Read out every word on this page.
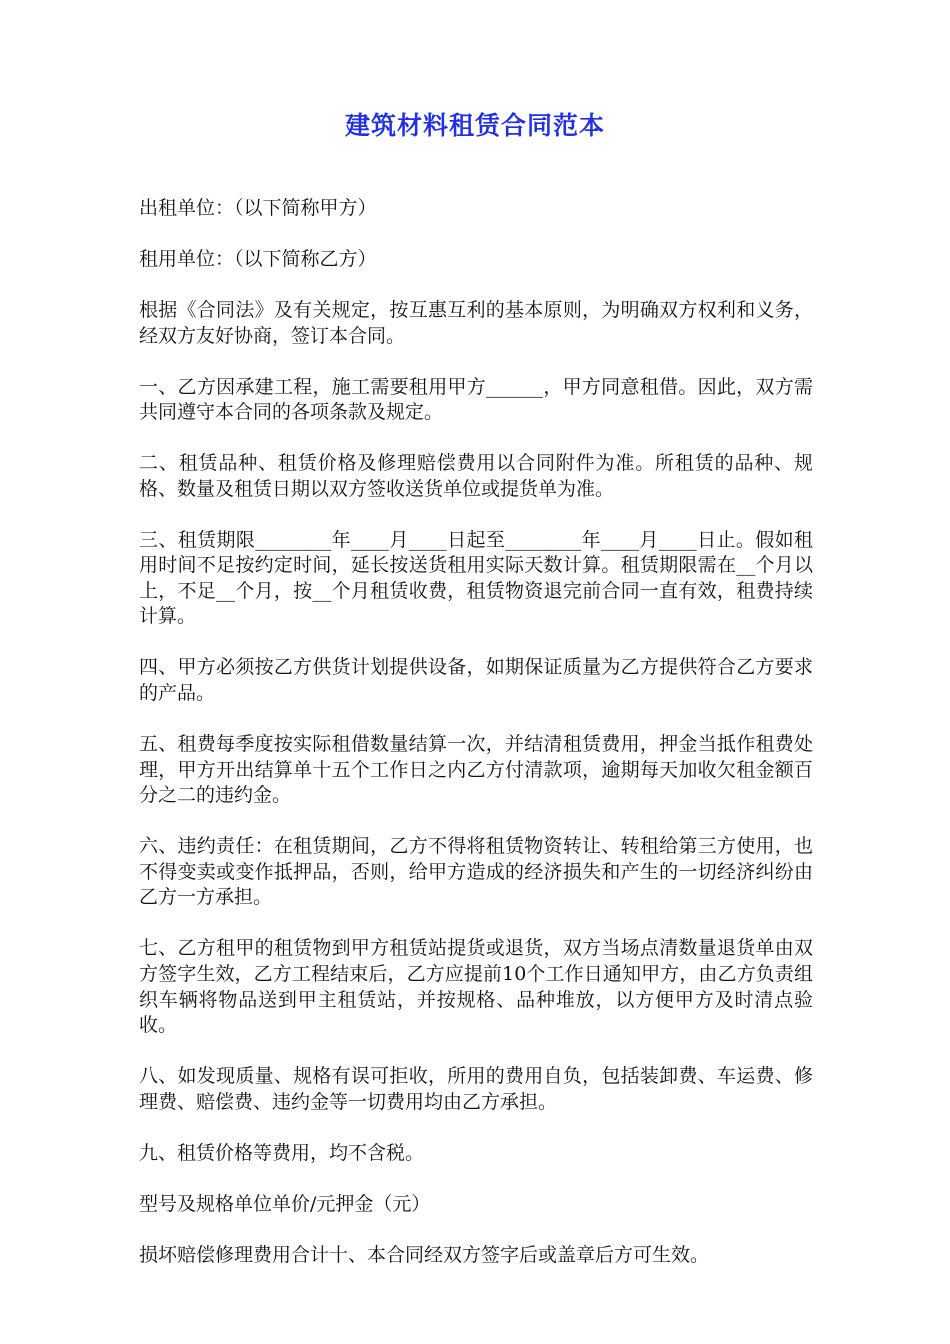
建筑材料租赁合同范本

出租单位：（以下简称甲方）

租用单位：（以下简称乙方）

根据《合同法》及有关规定，按互惠互利的基本原则，为明确双方权利和义务，经双方友好协商，签订本合同。

一、乙方因承建工程，施工需要租用甲方______，甲方同意租借。因此，双方需共同遵守本合同的各项条款及规定。

二、租赁品种、租赁价格及修理赔偿费用以合同附件为准。所租赁的品种、规格、数量及租赁日期以双方签收送货单位或提货单为准。

三、租赁期限________年____月____日起至________年____月____日止。假如租用时间不足按约定时间，延长按送货租用实际天数计算。租赁期限需在__个月以上，不足__个月，按__个月租赁收费，租赁物资退完前合同一直有效，租费持续计算。

四、甲方必须按乙方供货计划提供设备，如期保证质量为乙方提供符合乙方要求的产品。

五、租费每季度按实际租借数量结算一次，并结清租赁费用，押金当抵作租费处理，甲方开出结算单十五个工作日之内乙方付清款项，逾期每天加收欠租金额百分之二的违约金。

六、违约责任：在租赁期间，乙方不得将租赁物资转让、转租给第三方使用，也不得变卖或变作抵押品，否则，给甲方造成的经济损失和产生的一切经济纠纷由乙方一方承担。

七、乙方租甲的租赁物到甲方租赁站提货或退货，双方当场点清数量退货单由双方签字生效，乙方工程结束后，乙方应提前10个工作日通知甲方，由乙方负责组织车辆将物品送到甲主租赁站，并按规格、品种堆放，以方便甲方及时清点验收。

八、如发现质量、规格有误可拒收，所用的费用自负，包括装卸费、车运费、修理费、赔偿费、违约金等一切费用均由乙方承担。

九、租赁价格等费用，均不含税。

型号及规格单位单价/元押金（元）

损坏赔偿修理费用合计十、本合同经双方签字后或盖章后方可生效。
